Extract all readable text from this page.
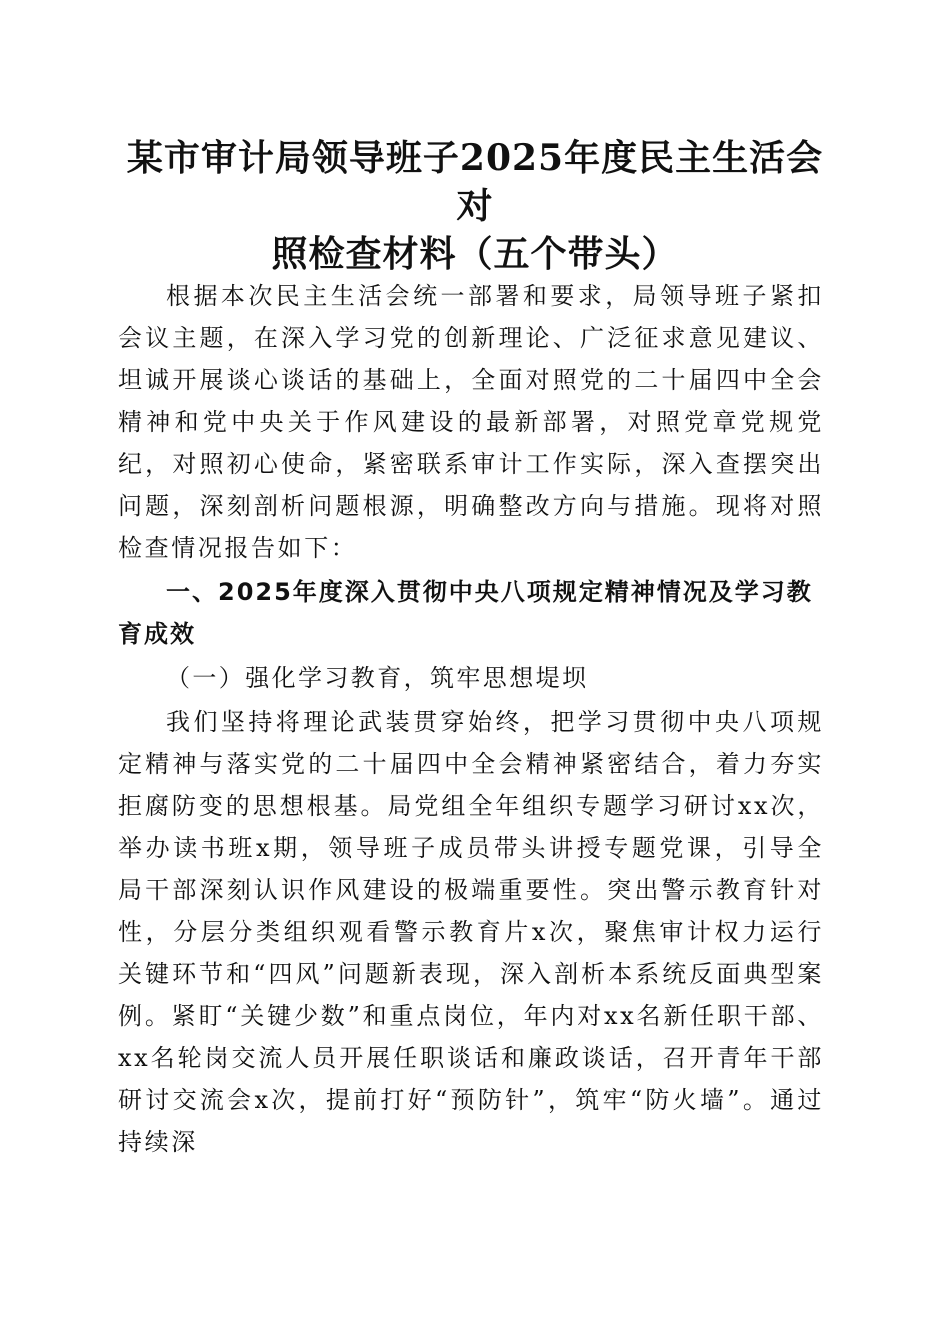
某市审计局领导班子2025年度民主生活会对
照检查材料（五个带头）

根据本次民主生活会统一部署和要求，局领导班子紧扣会议主题，在深入学习党的创新理论、广泛征求意见建议、坦诚开展谈心谈话的基础上，全面对照党的二十届四中全会精神和党中央关于作风建设的最新部署，对照党章党规党纪，对照初心使命，紧密联系审计工作实际，深入查摆突出问题，深刻剖析问题根源，明确整改方向与措施。现将对照检查情况报告如下：

一、2025年度深入贯彻中央八项规定精神情况及学习教育成效

（一）强化学习教育，筑牢思想堤坝

我们坚持将理论武装贯穿始终，把学习贯彻中央八项规定精神与落实党的二十届四中全会精神紧密结合，着力夯实拒腐防变的思想根基。局党组全年组织专题学习研讨xx次，举办读书班x期，领导班子成员带头讲授专题党课，引导全局干部深刻认识作风建设的极端重要性。突出警示教育针对性，分层分类组织观看警示教育片x次，聚焦审计权力运行关键环节和“四风”问题新表现，深入剖析本系统反面典型案例。紧盯“关键少数”和重点岗位，年内对xx名新任职干部、xx名轮岗交流人员开展任职谈话和廉政谈话，召开青年干部研讨交流会x次，提前打好“预防针”，筑牢“防火墙”。通过持续深
